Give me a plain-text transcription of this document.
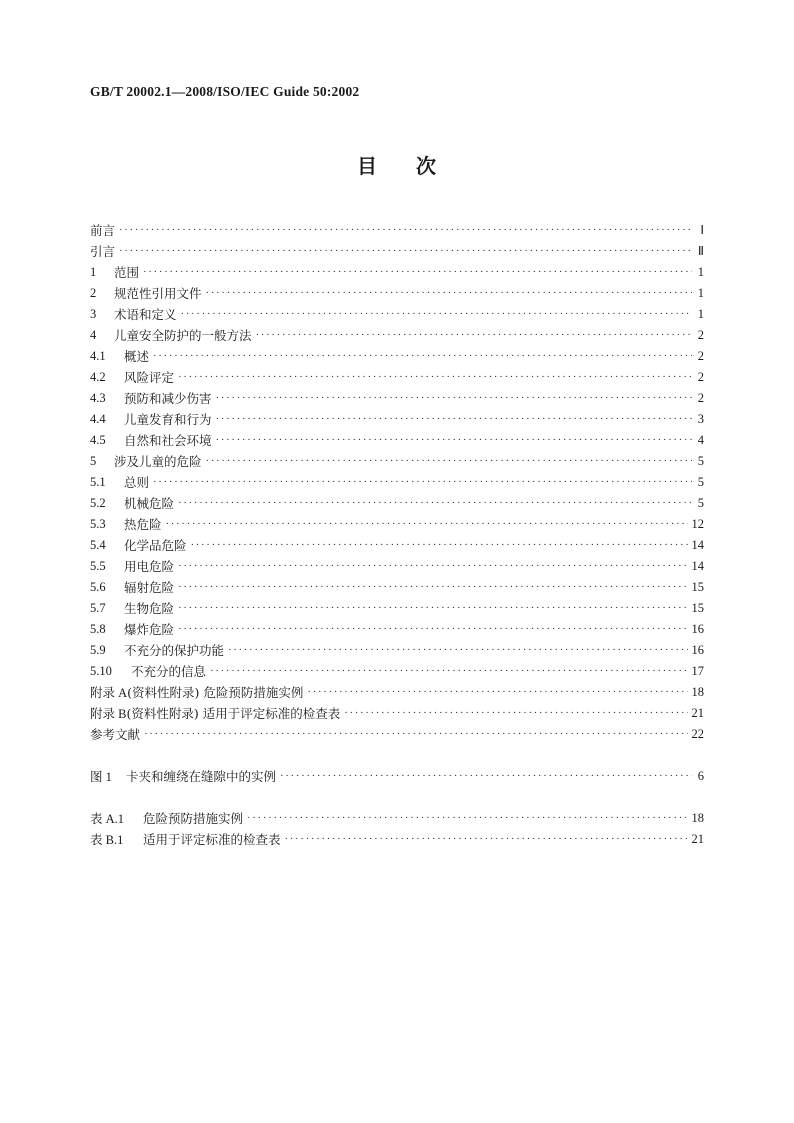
GB/T 20002.1—2008/ISO/IEC Guide 50:2002
目 次
前言 ·····	Ⅰ
引言 ·····	Ⅱ
1	范围 ·····	1
2	规范性引用文件 ·····	1
3	术语和定义 ·····	1
4	儿童安全防护的一般方法 ·····	2
4.1	概述 ·····	2
4.2	风险评定 ·····	2
4.3	预防和减少伤害 ·····	2
4.4	儿童发育和行为 ·····	3
4.5	自然和社会环境 ·····	4
5	涉及儿童的危险 ·····	5
5.1	总则 ·····	5
5.2	机械危险 ·····	5
5.3	热危险 ·····	12
5.4	化学品危险 ·····	14
5.5	用电危险 ·····	14
5.6	辐射危险 ·····	15
5.7	生物危险 ·····	15
5.8	爆炸危险 ·····	16
5.9	不充分的保护功能 ·····	16
5.10	不充分的信息 ·····	17
附录 A (资料性附录) 危险预防措施实例 ·····	18
附录 B (资料性附录) 适用于评定标准的检查表 ·····	21
参考文献 ·····	22
图 1	卡夹和缠绕在缝隙中的实例 ·····	6
表 A.1	危险预防措施实例 ·····	18
表 B.1	适用于评定标准的检查表 ·····	21
